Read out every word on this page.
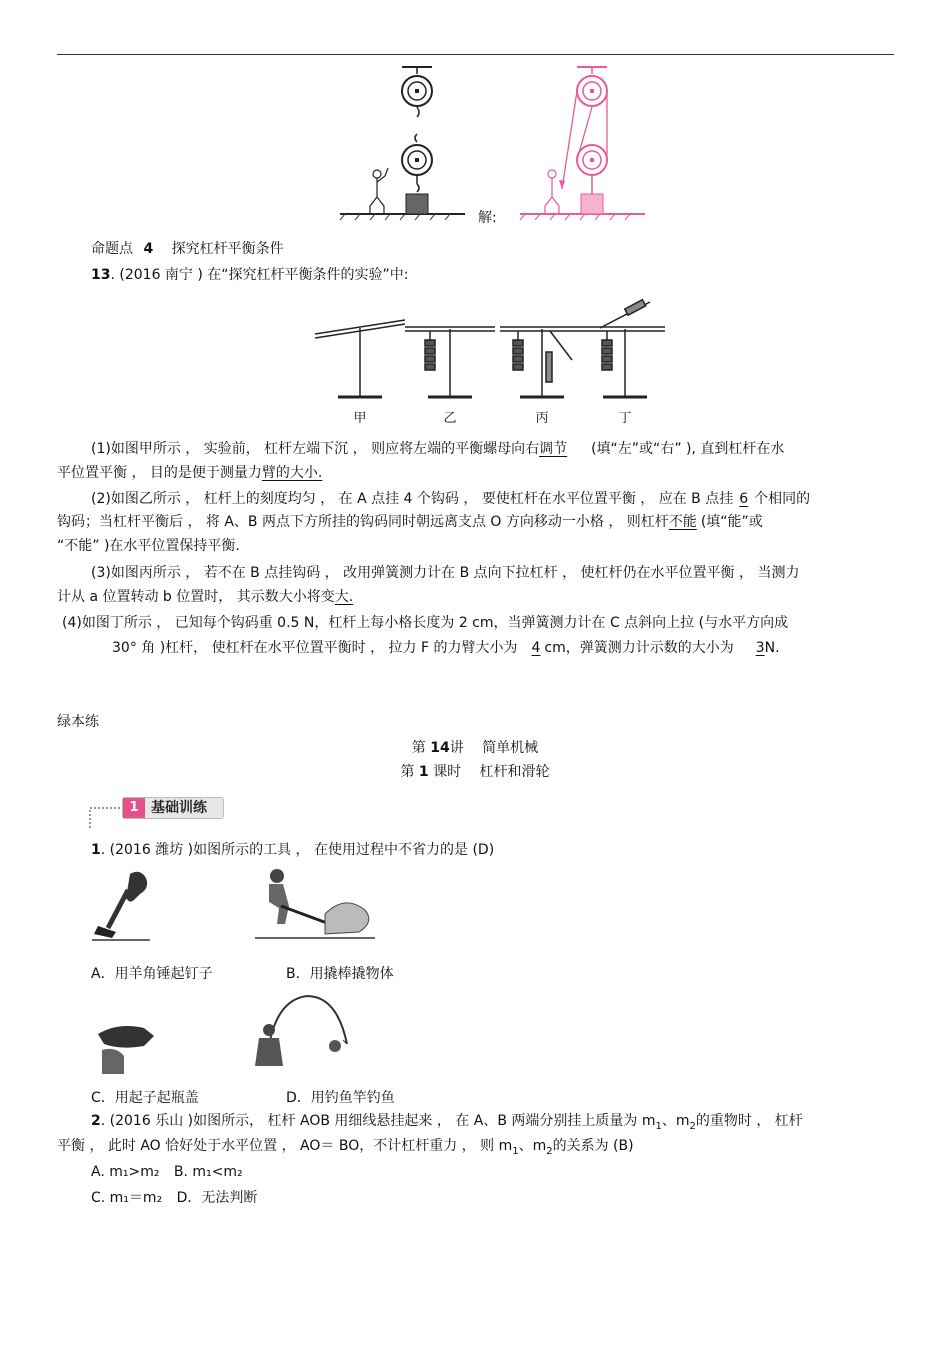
解:
命题点 4 探究杠杆平衡条件
13. (2016 南宁 ) 在“探究杠杆平衡条件的实验”中:
甲	乙	丙	丁
(1)如图甲所示 ， 实验前， 杠杆左端下沉 ， 则应将左端的平衡螺母向右调节 (填“左”或“右” ), 直到杠杆在水
平位置平衡 ， 目的是便于测量力臂的大小.
(2)如图乙所示 ， 杠杆上的刻度均匀 ， 在 A 点挂 4 个钩码 ， 要使杠杆在水平位置平衡 ， 应在 B 点挂 6 个相同的
钩码；当杠杆平衡后 ， 将 A、B 两点下方所挂的钩码同时朝远离支点 O 方向移动一小格 ， 则杠杆不能 (填“能”或
“不能” )在水平位置保持平衡.
(3)如图丙所示 ， 若不在 B 点挂钩码 ， 改用弹簧测力计在 B 点向下拉杠杆 ， 使杠杆仍在水平位置平衡 ， 当测力
计从 a 位置转动 b 位置时， 其示数大小将变大.
(4)如图丁所示 ， 已知每个钩码重 0.5 N，杠杆上每小格长度为 2 cm，当弹簧测力计在 C 点斜向上拉 (与水平方向成
30° 角 )杠杆， 使杠杆在水平位置平衡时 ， 拉力 F 的力臂大小为 4 cm，弹簧测力计示数的大小为 3N.
绿本练
第 14讲 简单机械
第 1 课时 杠杆和滑轮
1 基础训练
1. (2016 潍坊 )如图所示的工具 ， 在使用过程中不省力的是 (D)
A．用羊角锤起钉子	B．用撬棒撬物体
C．用起子起瓶盖	D．用钓鱼竿钓鱼
2. (2016 乐山 )如图所示， 杠杆 AOB 用细线悬挂起来 ， 在 A、B 两端分别挂上质量为 $m_1$、$m_2$的重物时 ， 杠杆
平衡 ， 此时 AO 恰好处于水平位置 ， AO＝ BO，不计杠杆重力 ， 则 $m_1$、$m_2$的关系为 (B)
A. m₁>m₂ B. m₁<m₂
C. m₁＝m₂ D．无法判断
